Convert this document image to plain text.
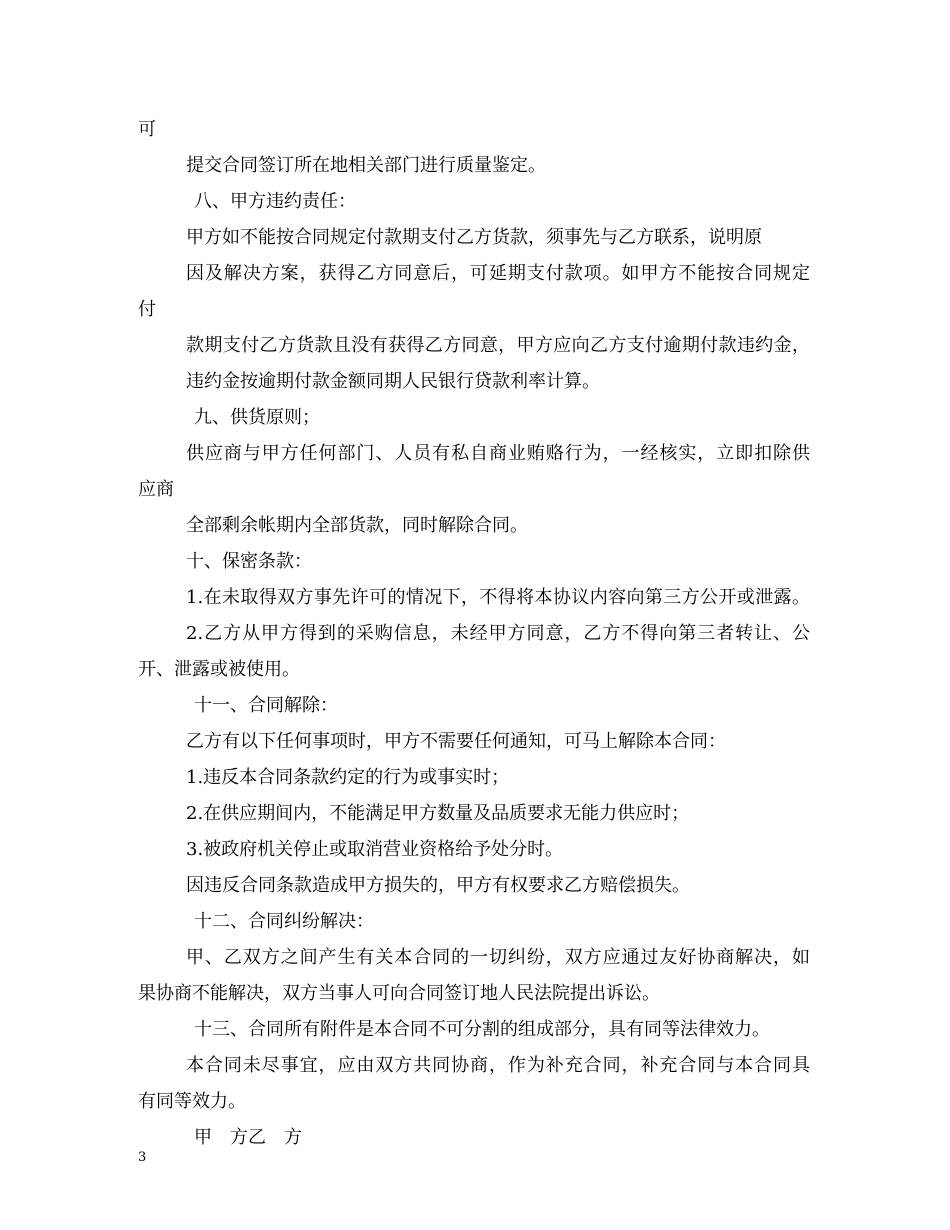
可
提交合同签订所在地相关部门进行质量鉴定。
八、甲方违约责任：
甲方如不能按合同规定付款期支付乙方货款，须事先与乙方联系，说明原
因及解决方案，获得乙方同意后，可延期支付款项。如甲方不能按合同规定
付
款期支付乙方货款且没有获得乙方同意，甲方应向乙方支付逾期付款违约金，
违约金按逾期付款金额同期人民银行贷款利率计算。
九、供货原则；
供应商与甲方任何部门、人员有私自商业贿赂行为，一经核实，立即扣除供
应商
全部剩余帐期内全部货款，同时解除合同。
十、保密条款：
1.在未取得双方事先许可的情况下，不得将本协议内容向第三方公开或泄露。
2.乙方从甲方得到的采购信息，未经甲方同意，乙方不得向第三者转让、公
开、泄露或被使用。
十一、合同解除：
乙方有以下任何事项时，甲方不需要任何通知，可马上解除本合同：
1.违反本合同条款约定的行为或事实时；
2.在供应期间内，不能满足甲方数量及品质要求无能力供应时；
3.被政府机关停止或取消营业资格给予处分时。
因违反合同条款造成甲方损失的，甲方有权要求乙方赔偿损失。
十二、合同纠纷解决：
甲、乙双方之间产生有关本合同的一切纠纷，双方应通过友好协商解决，如
果协商不能解决，双方当事人可向合同签订地人民法院提出诉讼。
十三、合同所有附件是本合同不可分割的组成部分，具有同等法律效力。
本合同未尽事宜，应由双方共同协商，作为补充合同，补充合同与本合同具
有同等效力。
甲　方乙　方
3
